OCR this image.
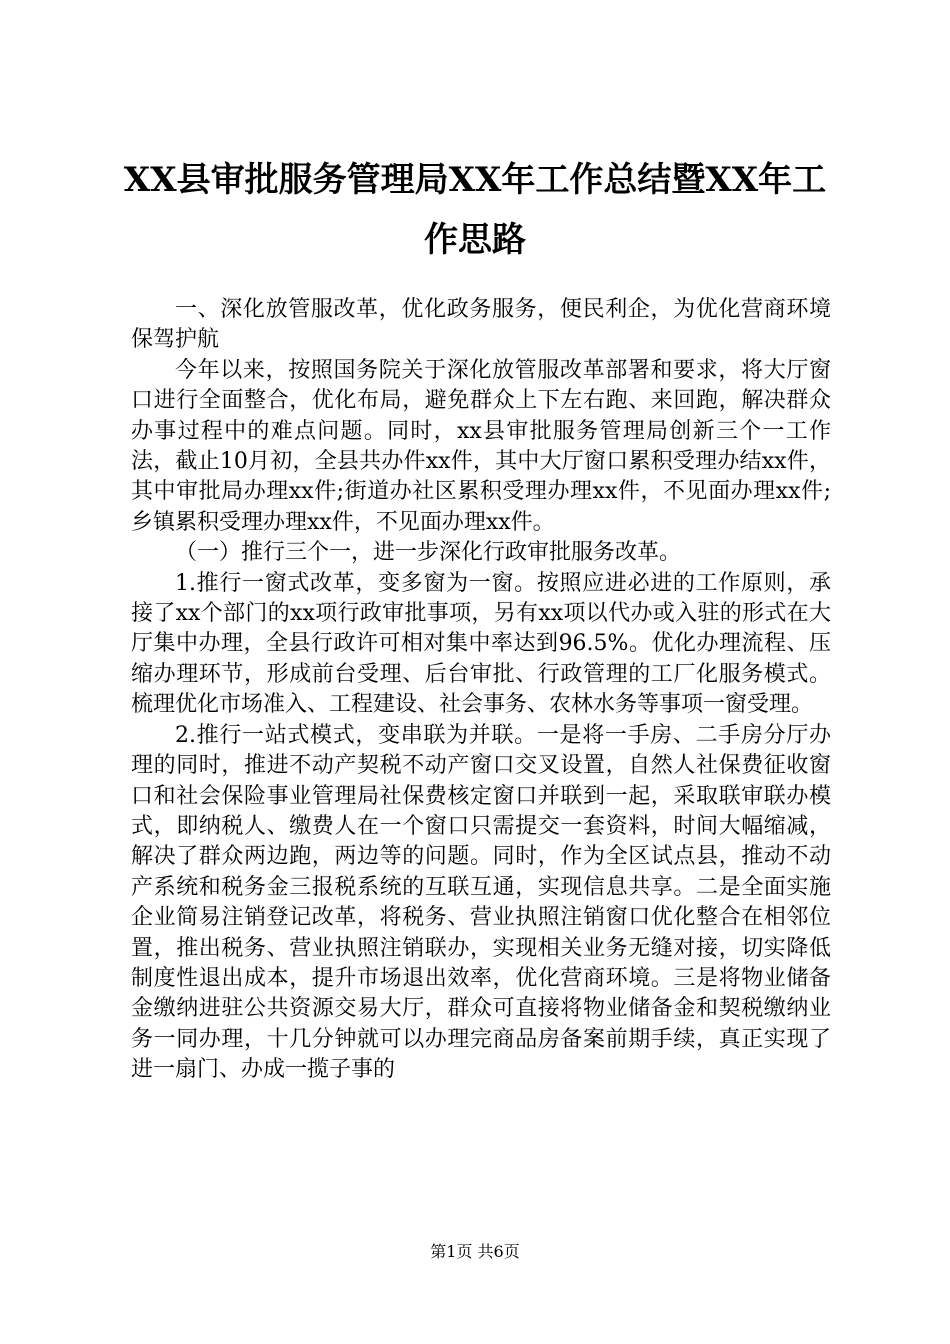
XX县审批服务管理局XX年工作总结暨XX年工
作思路

一、深化放管服改革，优化政务服务，便民利企，为优化营商环境保驾护航

今年以来，按照国务院关于深化放管服改革部署和要求，将大厅窗口进行全面整合，优化布局，避免群众上下左右跑、来回跑，解决群众办事过程中的难点问题。同时，xx县审批服务管理局创新三个一工作法，截止10月初，全县共办件xx件，其中大厅窗口累积受理办结xx件，其中审批局办理xx件;街道办社区累积受理办理xx件，不见面办理xx件;乡镇累积受理办理xx件，不见面办理xx件。

（一）推行三个一，进一步深化行政审批服务改革。

1.推行一窗式改革，变多窗为一窗。按照应进必进的工作原则，承接了xx个部门的xx项行政审批事项，另有xx项以代办或入驻的形式在大厅集中办理，全县行政许可相对集中率达到96.5%。优化办理流程、压缩办理环节，形成前台受理、后台审批、行政管理的工厂化服务模式。梳理优化市场准入、工程建设、社会事务、农林水务等事项一窗受理。

2.推行一站式模式，变串联为并联。一是将一手房、二手房分厅办理的同时，推进不动产契税不动产窗口交叉设置，自然人社保费征收窗口和社会保险事业管理局社保费核定窗口并联到一起，采取联审联办模式，即纳税人、缴费人在一个窗口只需提交一套资料，时间大幅缩减，解决了群众两边跑，两边等的问题。同时，作为全区试点县，推动不动产系统和税务金三报税系统的互联互通，实现信息共享。二是全面实施企业简易注销登记改革，将税务、营业执照注销窗口优化整合在相邻位置，推出税务、营业执照注销联办，实现相关业务无缝对接，切实降低制度性退出成本，提升市场退出效率，优化营商环境。三是将物业储备金缴纳进驻公共资源交易大厅，群众可直接将物业储备金和契税缴纳业务一同办理，十几分钟就可以办理完商品房备案前期手续，真正实现了进一扇门、办成一揽子事的

第1页 共6页
